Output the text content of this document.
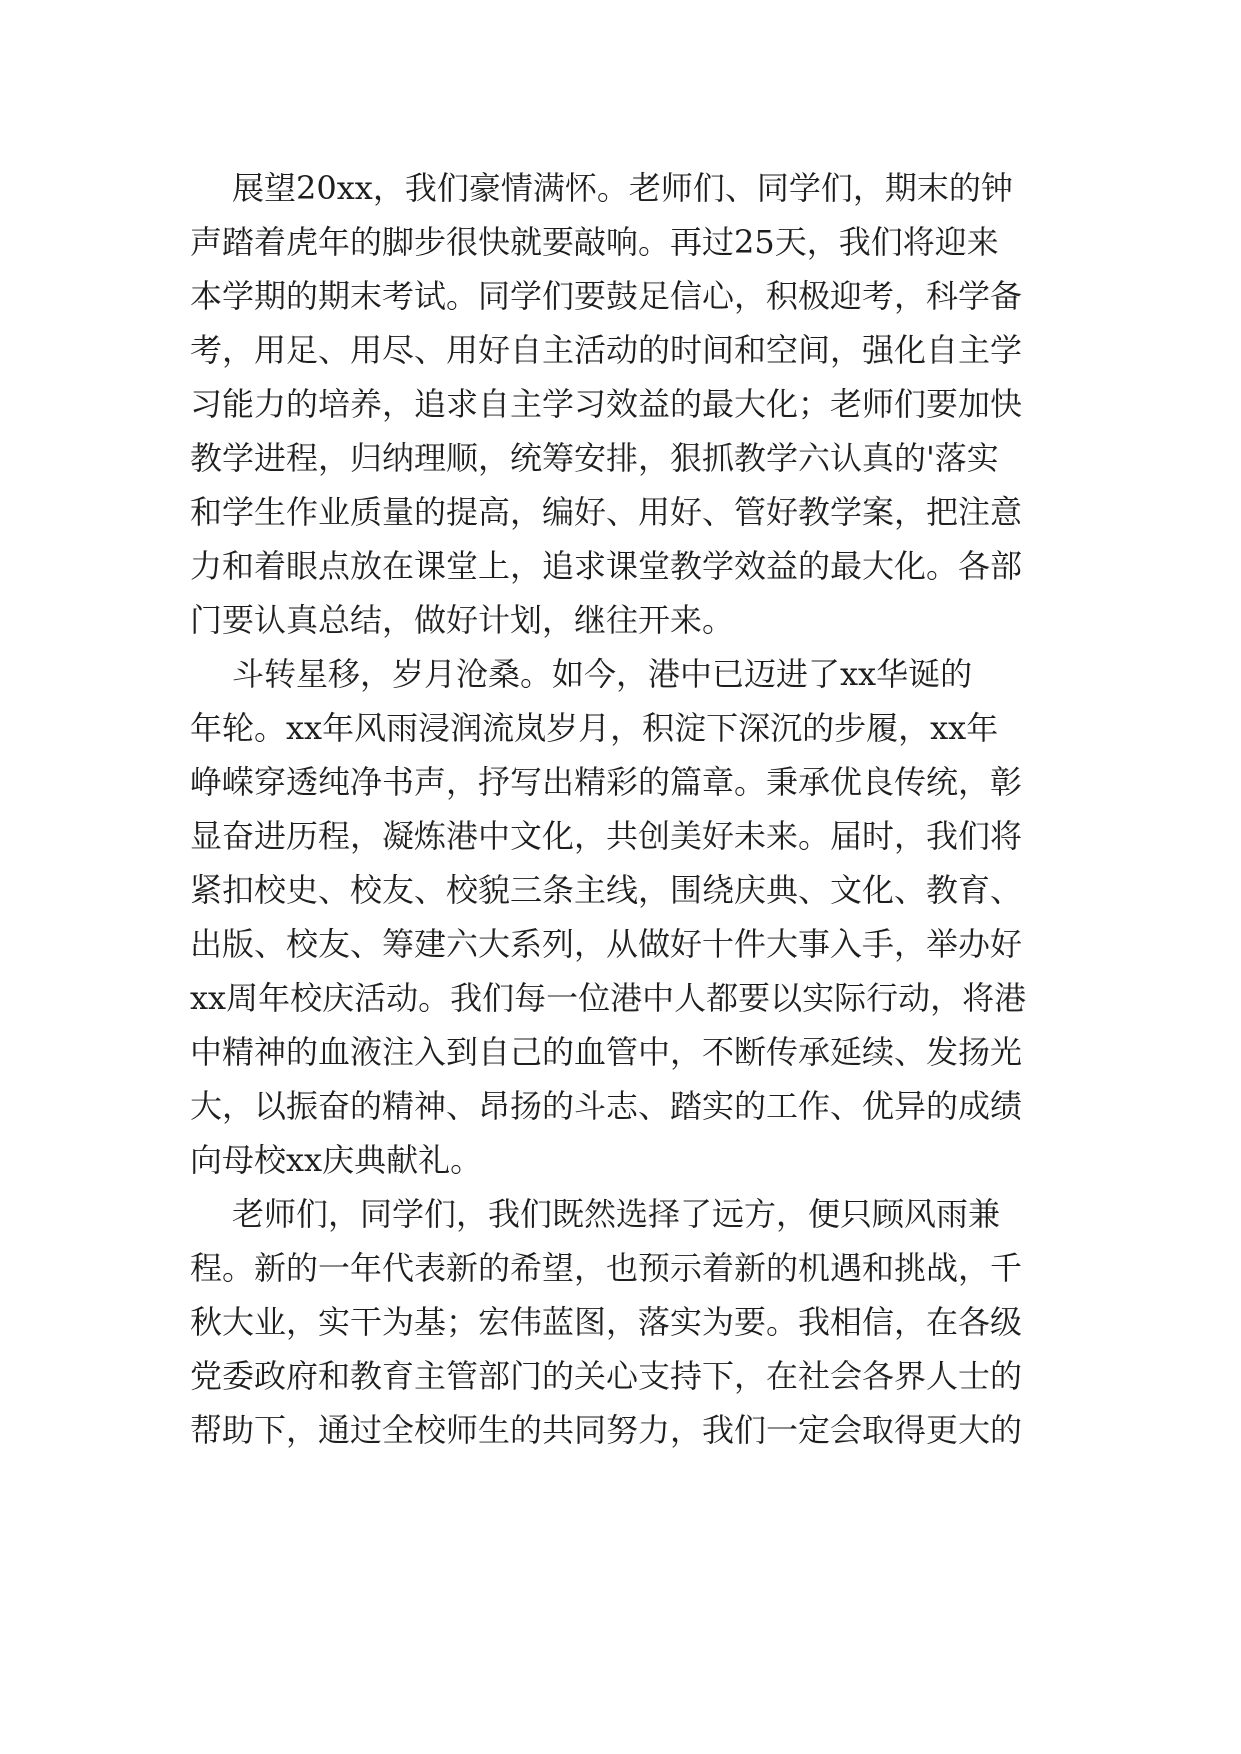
展望20xx，我们豪情满怀。老师们、同学们，期末的钟
声踏着虎年的脚步很快就要敲响。再过25天，我们将迎来
本学期的期末考试。同学们要鼓足信心，积极迎考，科学备
考，用足、用尽、用好自主活动的时间和空间，强化自主学
习能力的培养，追求自主学习效益的最大化；老师们要加快
教学进程，归纳理顺，统筹安排，狠抓教学六认真的'落实
和学生作业质量的提高，编好、用好、管好教学案，把注意
力和着眼点放在课堂上，追求课堂教学效益的最大化。各部
门要认真总结，做好计划，继往开来。
斗转星移，岁月沧桑。如今，港中已迈进了xx华诞的
年轮。xx年风雨浸润流岚岁月，积淀下深沉的步履，xx年
峥嵘穿透纯净书声，抒写出精彩的篇章。秉承优良传统，彰
显奋进历程，凝炼港中文化，共创美好未来。届时，我们将
紧扣校史、校友、校貌三条主线，围绕庆典、文化、教育、
出版、校友、筹建六大系列，从做好十件大事入手，举办好
xx周年校庆活动。我们每一位港中人都要以实际行动，将港
中精神的血液注入到自己的血管中，不断传承延续、发扬光
大，以振奋的精神、昂扬的斗志、踏实的工作、优异的成绩
向母校xx庆典献礼。
老师们，同学们，我们既然选择了远方，便只顾风雨兼
程。新的一年代表新的希望，也预示着新的机遇和挑战，千
秋大业，实干为基；宏伟蓝图，落实为要。我相信，在各级
党委政府和教育主管部门的关心支持下，在社会各界人士的
帮助下，通过全校师生的共同努力，我们一定会取得更大的
